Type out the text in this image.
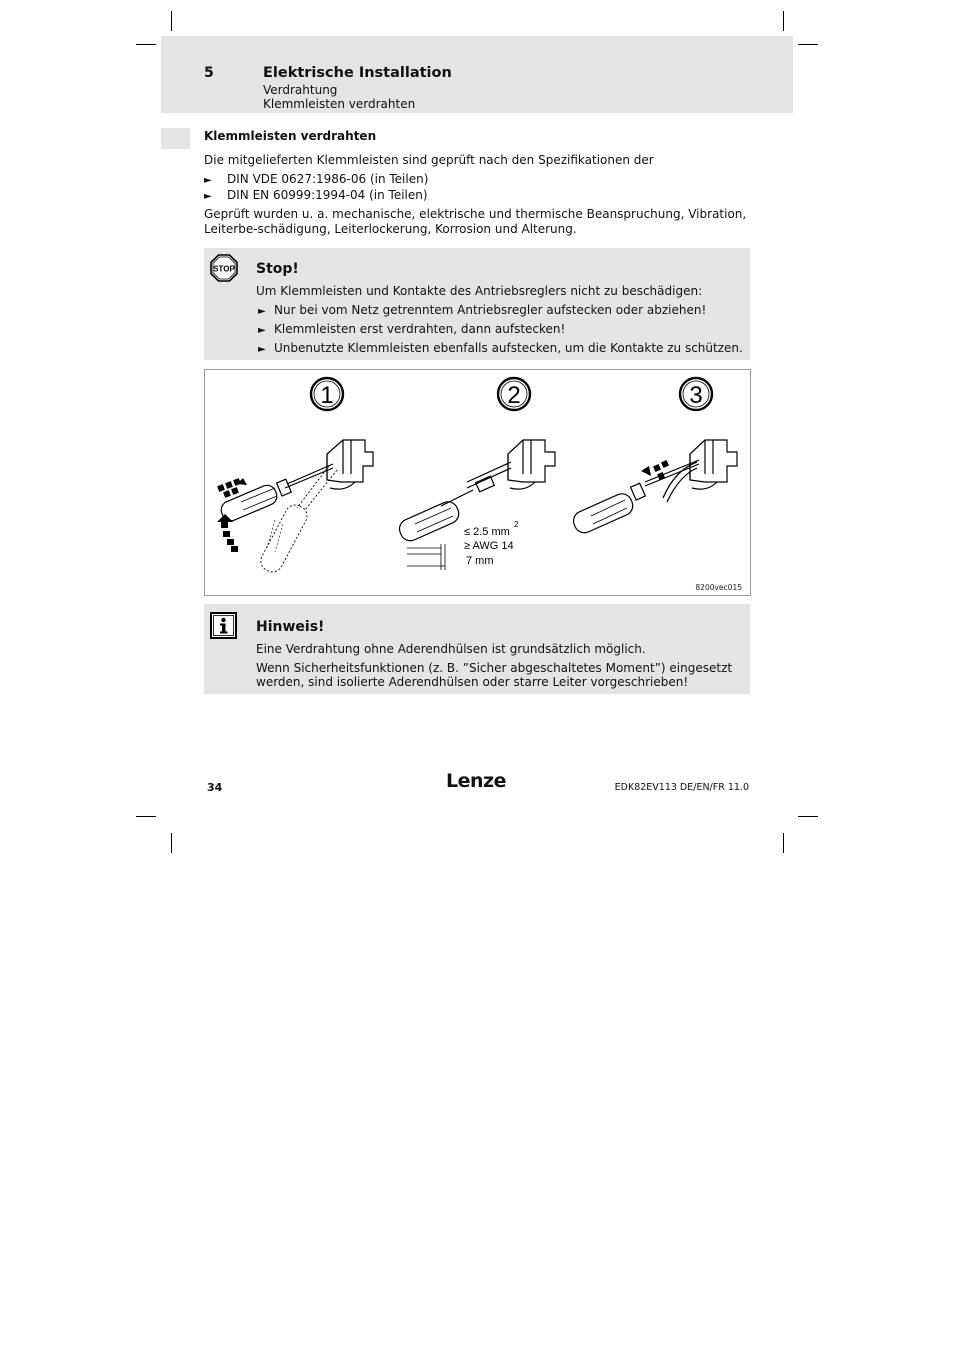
5	Elektrische Installation
Verdrahtung
Klemmleisten verdrahten
Klemmleisten verdrahten
Die mitgelieferten Klemmleisten sind geprüft nach den Spezifikationen der
► DIN VDE 0627:1986-06 (in Teilen)
► DIN EN 60999:1994-04 (in Teilen)
Geprüft wurden u. a. mechanische, elektrische und thermische Beanspruchung, Vibration, Leiterbe-schädigung, Leiterlockerung, Korrosion und Alterung.
STOP Stop!
Um Klemmleisten und Kontakte des Antriebsreglers nicht zu beschädigen:
► Nur bei vom Netz getrenntem Antriebsregler aufstecken oder abziehen!
► Klemmleisten erst verdrahten, dann aufstecken!
► Unbenutzte Klemmleisten ebenfalls aufstecken, um die Kontakte zu schützen.
1	2	3
≤ 2.5 mm
2
≥ AWG 14
7 mm
8200vec015
Hinweis!
Eine Verdrahtung ohne Aderendhülsen ist grundsätzlich möglich.
Wenn Sicherheitsfunktionen (z. B. ”Sicher abgeschaltetes Moment”) eingesetzt werden, sind isolierte Aderendhülsen oder starre Leiter vorgeschrieben!
34	Lenze	EDK82EV113 DE/EN/FR 11.0
